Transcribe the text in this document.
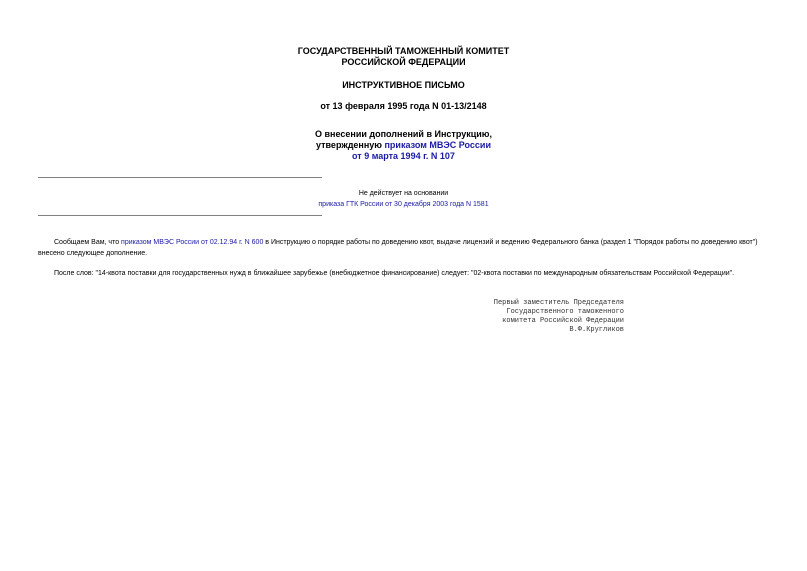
ГОСУДАРСТВЕННЫЙ ТАМОЖЕННЫЙ КОМИТЕТ
РОССИЙСКОЙ ФЕДЕРАЦИИ
ИНСТРУКТИВНОЕ ПИСЬМО
от 13 февраля 1995 года N 01-13/2148
О внесении дополнений в Инструкцию,
утвержденную приказом МВЭС России
от 9 марта 1994 г. N 107
Не действует на основании
приказа ГТК России от 30 декабря 2003 года N 1581
Сообщаем Вам, что приказом МВЭС России от 02.12.94 г. N 600 в Инструкцию о порядке работы по доведению квот, выдаче лицензий и ведению Федерального банка (раздел 1 "Порядок работы по доведению квот") внесено следующее дополнение.
После слов: "14-квота поставки для государственных нужд в ближайшее зарубежье (внебюджетное финансирование) следует: "02-квота поставки по международным обязательствам Российской Федерации".
Первый заместитель Председателя
Государственного таможенного
комитета Российской Федерации
В.Ф.Кругликов
